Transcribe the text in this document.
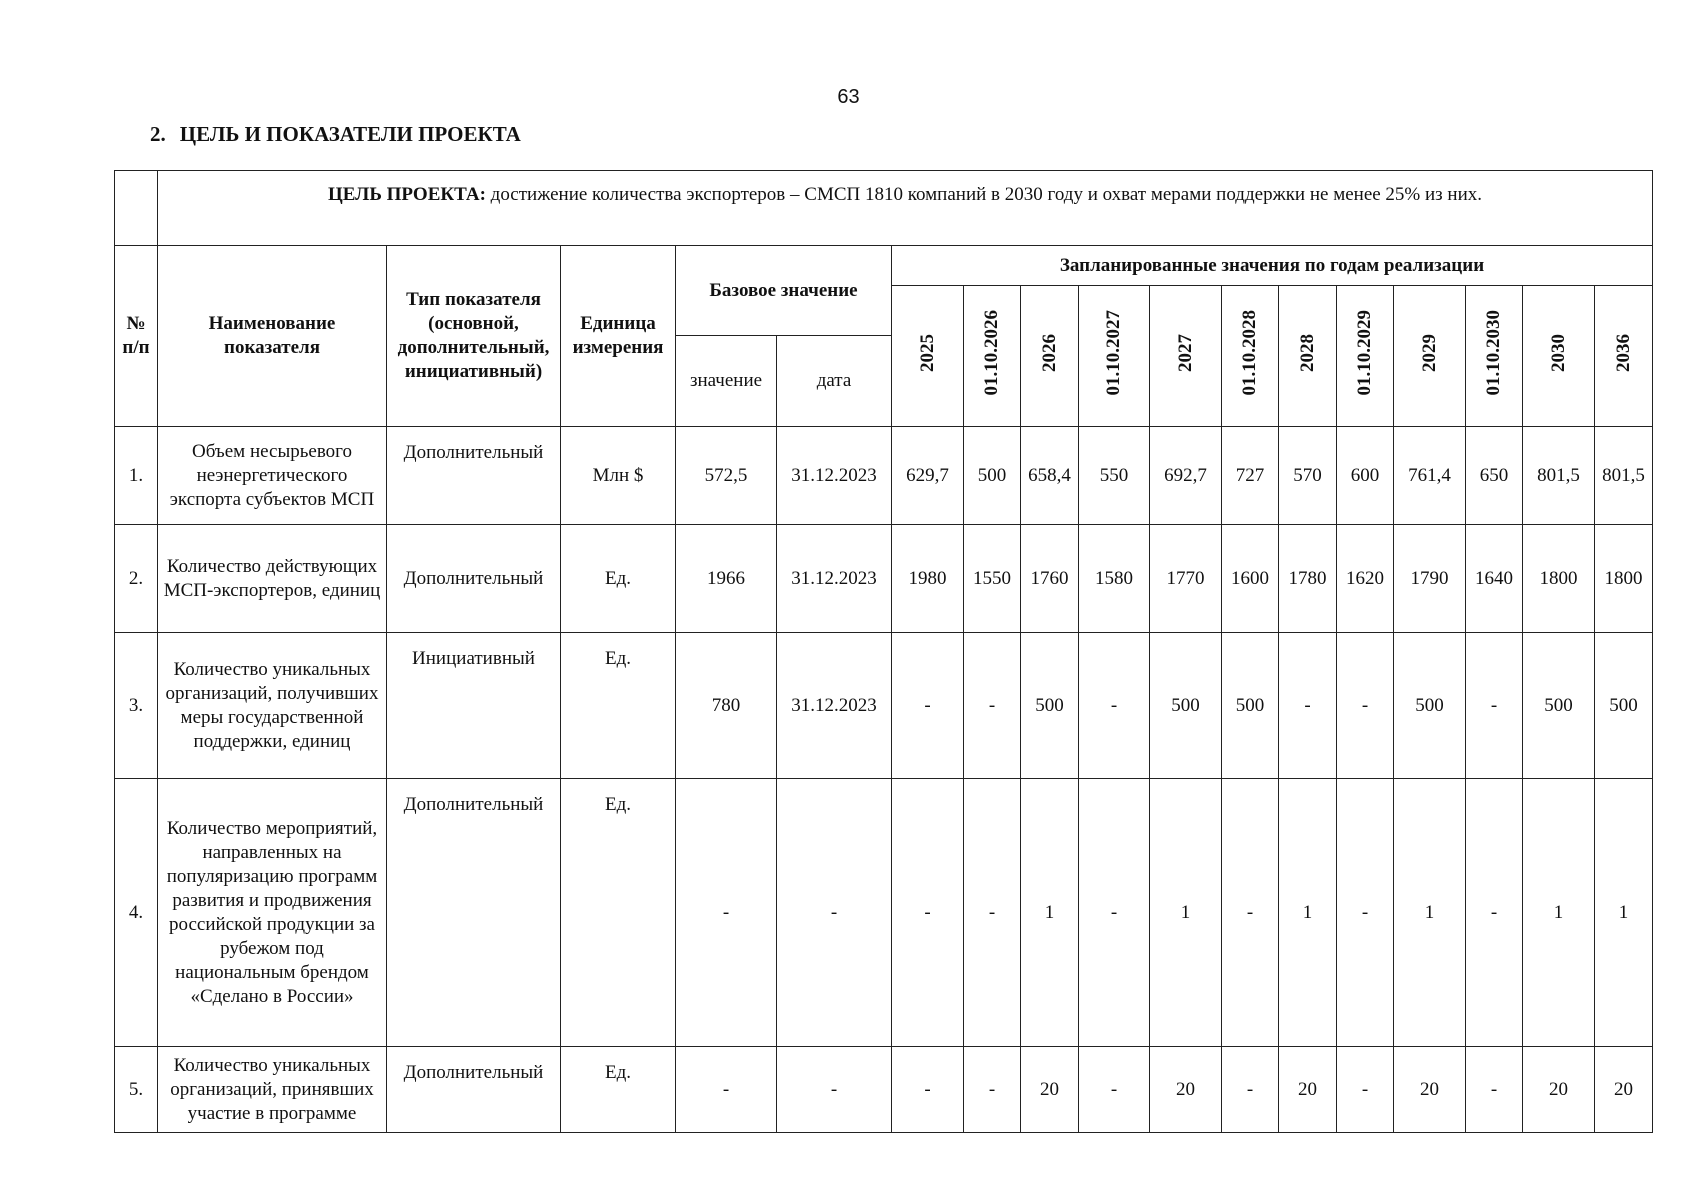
63
2. ЦЕЛЬ И ПОКАЗАТЕЛИ ПРОЕКТА
	ЦЕЛЬ ПРОЕКТА: достижение количества экспортеров – СМСП 1810 компаний в 2030 году и охват мерами поддержки не менее 25% из них.																
№ п/п	Наименование показателя	Тип показателя (основной, дополнительный, инициативный)	Единица измерения	Базовое значение		Запланированные значения по годам реализации											
						2025	01.10.2026	2026	01.10.2027	2027	01.10.2028	2028	01.10.2029	2029	01.10.2030	2030	2036
				значение	дата												
1.	Объем несырьевого неэнергетического экспорта субъектов МСП	Дополнительный	Млн $	572,5	31.12.2023	629,7	500	658,4	550	692,7	727	570	600	761,4	650	801,5	801,5
2.	Количество действующих МСП-экспортеров, единиц	Дополнительный	Ед.	1966	31.12.2023	1980	1550	1760	1580	1770	1600	1780	1620	1790	1640	1800	1800
3.	Количество уникальных организаций, получивших меры государственной поддержки, единиц	Инициативный	Ед.	780	31.12.2023	-	-	500	-	500	500	-	-	500	-	500	500
4.	Количество мероприятий, направленных на популяризацию программ развития и продвижения российской продукции за рубежом под национальным брендом «Сделано в России»	Дополнительный	Ед.	-	-	-	-	1	-	1	-	1	-	1	-	1	1
5.	Количество уникальных организаций, принявших участие в программе	Дополнительный	Ед.	-	-	-	-	20	-	20	-	20	-	20	-	20	20
